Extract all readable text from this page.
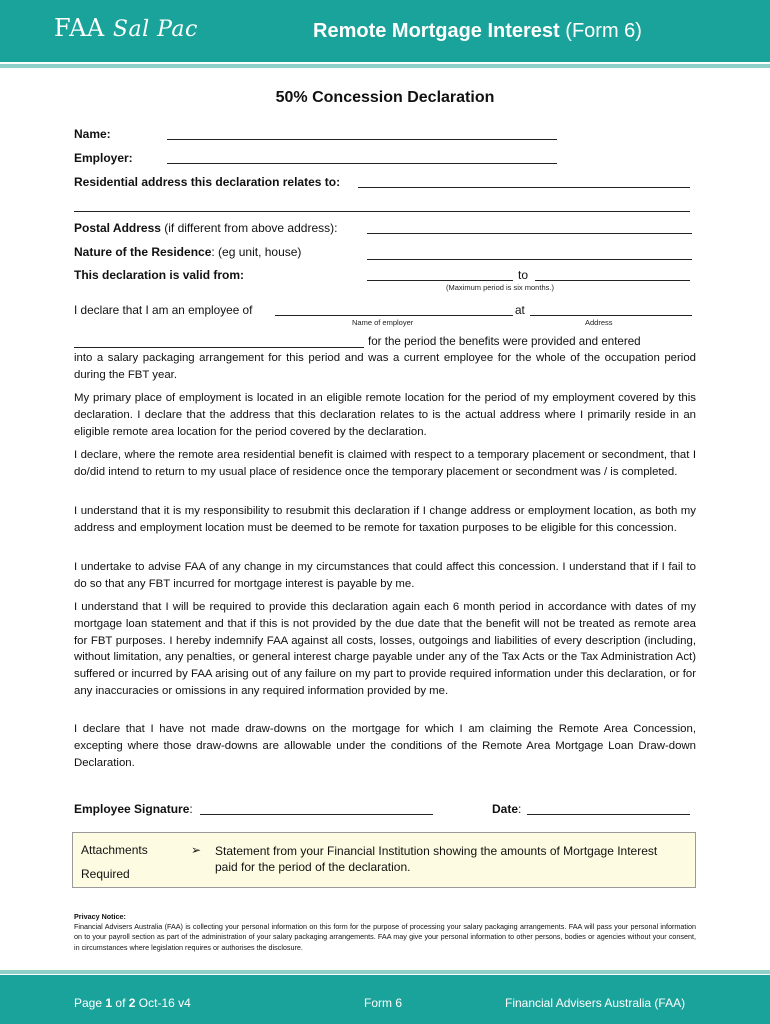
FAA Sal Pac	Remote Mortgage Interest (Form 6)
50% Concession Declaration
Name:
Employer:
Residential address this declaration relates to:
Postal Address (if different from above address):
Nature of the Residence: (eg unit, house)
This declaration is valid from:	to
(Maximum period is six months.)
I declare that I am an employee of	at
Name of employer	Address
for the period the benefits were provided and entered
into a salary packaging arrangement for this period and was a current employee for the whole of the occupation period during the FBT year.
My primary place of employment is located in an eligible remote location for the period of my employment covered by this declaration. I declare that the address that this declaration relates to is the actual address where I primarily reside in an eligible remote area location for the period covered by the declaration.
I declare, where the remote area residential benefit is claimed with respect to a temporary placement or secondment, that I do/did intend to return to my usual place of residence once the temporary placement or secondment was / is completed.
I understand that it is my responsibility to resubmit this declaration if I change address or employment location, as both my address and employment location must be deemed to be remote for taxation purposes to be eligible for this concession.
I undertake to advise FAA of any change in my circumstances that could affect this concession. I understand that if I fail to do so that any FBT incurred for mortgage interest is payable by me.
I understand that I will be required to provide this declaration again each 6 month period in accordance with dates of my mortgage loan statement and that if this is not provided by the due date that the benefit will not be treated as remote area for FBT purposes. I hereby indemnify FAA against all costs, losses, outgoings and liabilities of every description (including, without limitation, any penalties, or general interest charge payable under any of the Tax Acts or the Tax Administration Act) suffered or incurred by FAA arising out of any failure on my part to provide required information under this declaration, or for any inaccuracies or omissions in any required information provided by me.
I declare that I have not made draw-downs on the mortgage for which I am claiming the Remote Area Concession, excepting where those draw-downs are allowable under the conditions of the Remote Area Mortgage Loan Draw-down Declaration.
Employee Signature:	Date:
Attachments
Required
➢ Statement from your Financial Institution showing the amounts of Mortgage Interest paid for the period of the declaration.
Privacy Notice:
Financial Advisers Australia (FAA) is collecting your personal information on this form for the purpose of processing your salary packaging arrangements. FAA will pass your personal information on to your payroll section as part of the administration of your salary packaging arrangements. FAA may give your personal information to other persons, bodies or agencies without your consent, in circumstances where legislation requires or authorises the disclosure.
Page 1 of 2 Oct-16 v4	Form 6	Financial Advisers Australia (FAA)
